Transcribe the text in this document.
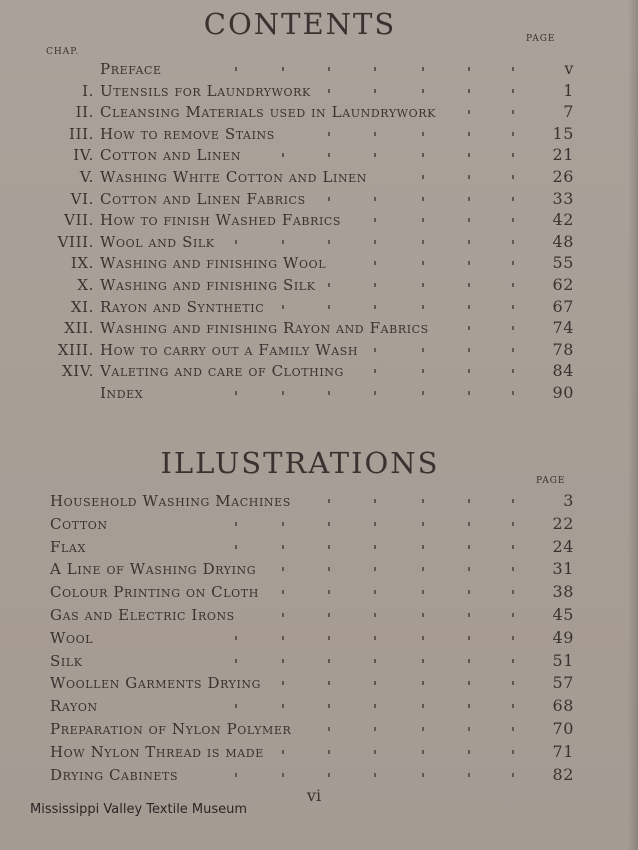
CONTENTS	PAGE
CHAP.
Preface	v
I. Utensils for Laundrywork	1
II. Cleansing Materials used in Laundrywork	7
III. How to remove Stains	15
IV. Cotton and Linen	21
V. Washing White Cotton and Linen	26
VI. Cotton and Linen Fabrics	33
VII. How to finish Washed Fabrics	42
VIII. Wool and Silk	48
IX. Washing and finishing Wool	55
X. Washing and finishing Silk	62
XI. Rayon and Synthetic	67
XII. Washing and finishing Rayon and Fabrics	74
XIII. How to carry out a Family Wash	78
XIV. Valeting and care of Clothing	84
Index	90
ILLUSTRATIONS
PAGE
Household Washing Machines	3
Cotton	22
Flax	24
A Line of Washing Drying	31
Colour Printing on Cloth	38
Gas and Electric Irons	45
Wool	49
Silk	51
Woollen Garments Drying	57
Rayon	68
Preparation of Nylon Polymer	70
How Nylon Thread is made	71
Drying Cabinets	82
vi
Mississippi Valley Textile Museum
